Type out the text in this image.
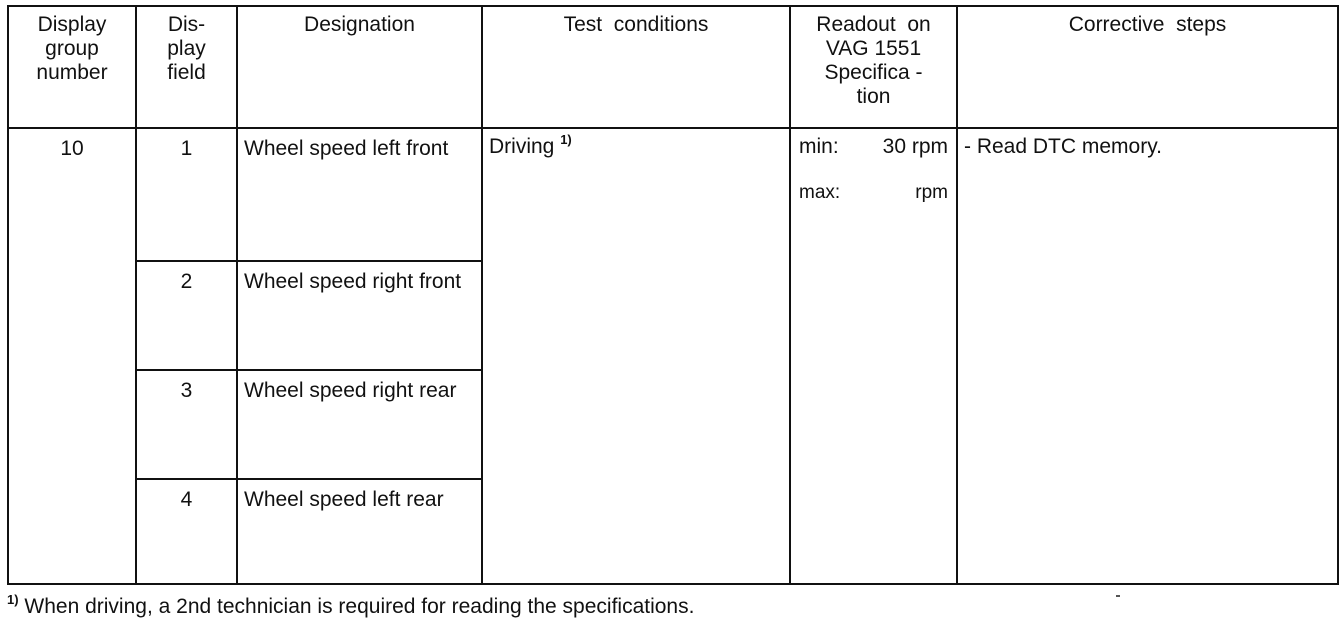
Display
group
number	Dis-
play
field	Designation	Test  conditions	Readout  on
VAG 1551
Specifica -
tion	Corrective  steps

10	1	Wheel speed left front	Driving $^{1)}$	min: 30 rpm
max: rpm	- Read DTC memory.
	2	Wheel speed right front			
	3	Wheel speed right rear			
	4	Wheel speed left rear			
$^{1)}$ When driving, a 2nd technician is required for reading the specifications.
